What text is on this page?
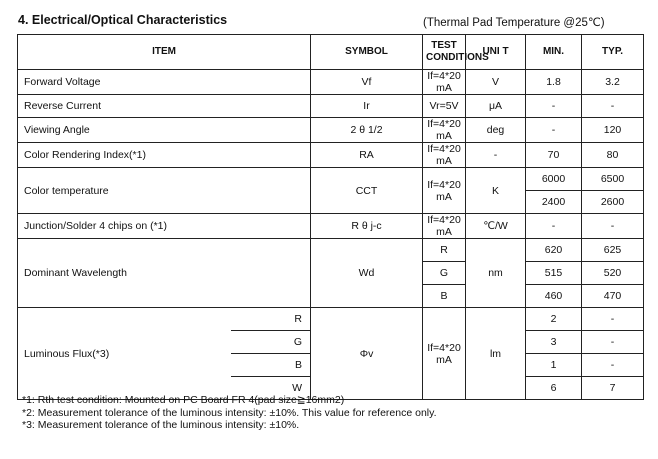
4. Electrical/Optical Characteristics	(Thermal Pad Temperature @25℃)
ITEM		SYMBOL	TEST CONDITIONS	UNI T	MIN.	TYP.	
Forward Voltage		Vf	If=4*20 mA	V	1.8	3.2	
Reverse Current		Ir	Vr=5V	μA	-	-	
Viewing Angle		2 θ 1/2	If=4*20 mA	deg	-	120	
Color Rendering Index(*1)		RA	If=4*20 mA	-	70	80	
Color temperature		CCT	If=4*20 mA	K	6000	6500	
					2400	2600	
Junction/Solder 4 chips on (*1)		R θ j-c	If=4*20 mA	℃/W	-	-	
Dominant Wavelength		Wd	R	nm	620	625	
			G		515	520	
			B		460	470	
Luminous Flux(*3)	R	Φv	If=4*20 mA	lm	2	-	
	G				3	-	
	B				1	-	
	W				6	7	
*1: Rth test condition: Mounted on PC Board FR 4(pad size≧16mm2)
*2: Measurement tolerance of the luminous intensity: ±10%. This value for reference only.
*3: Measurement tolerance of the luminous intensity: ±10%.
